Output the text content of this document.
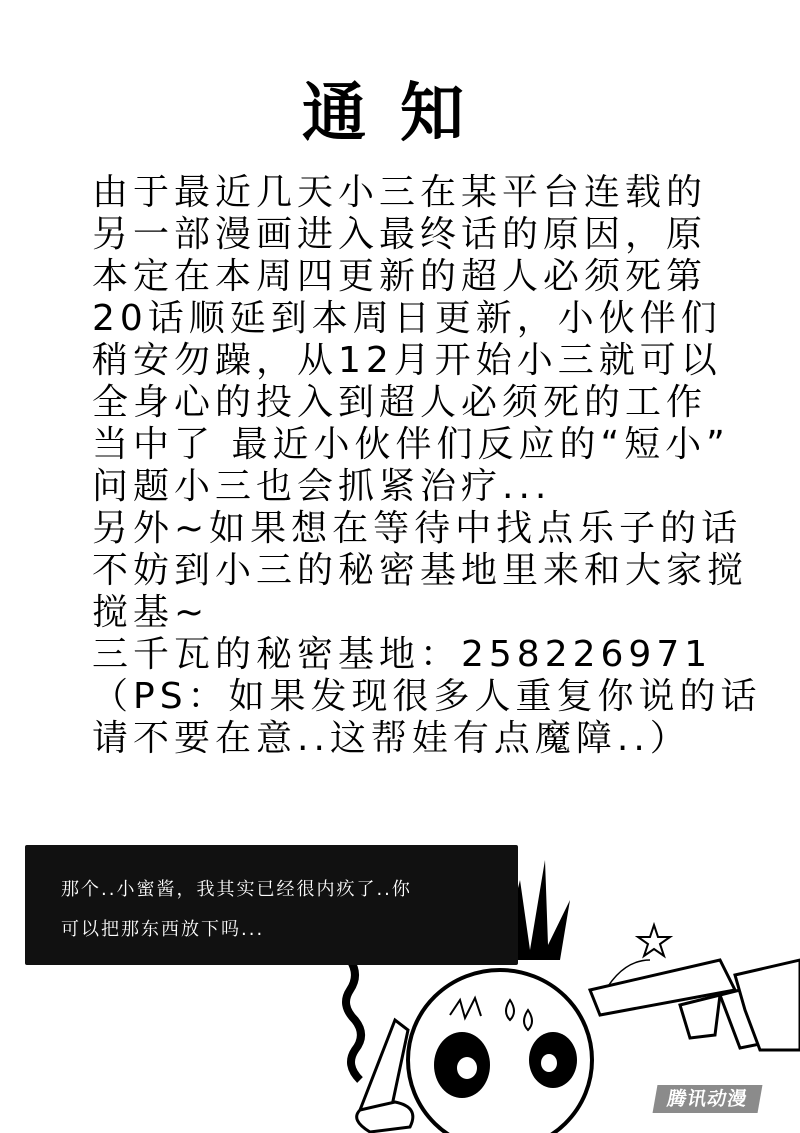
通知
由于最近几天小三在某平台连载的
另一部漫画进入最终话的原因，原
本定在本周四更新的超人必须死第
20话顺延到本周日更新，小伙伴们
稍安勿躁，从12月开始小三就可以
全身心的投入到超人必须死的工作
当中了 最近小伙伴们反应的“短小”
问题小三也会抓紧治疗...
另外~如果想在等待中找点乐子的话
不妨到小三的秘密基地里来和大家搅
搅基~
三千瓦的秘密基地：258226971
（PS：如果发现很多人重复你说的话
请不要在意..这帮娃有点魔障..）
那个..小蜜酱，我其实已经很内疚了..你
可以把那东西放下吗...
腾讯动漫
